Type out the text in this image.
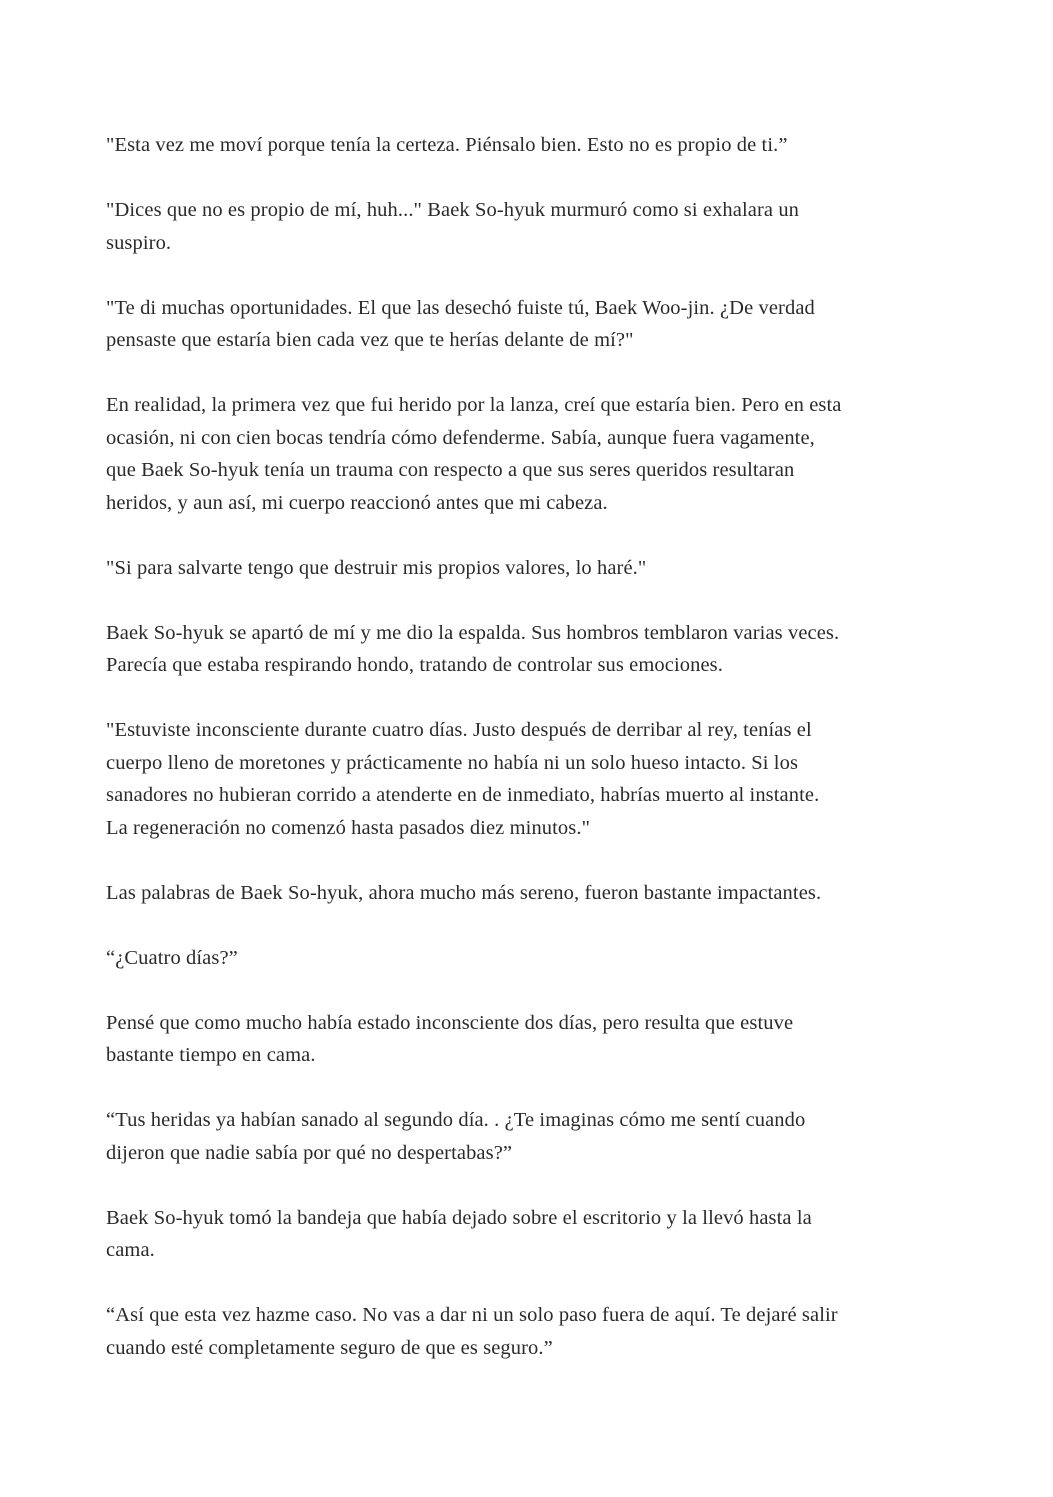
"Esta vez me moví porque tenía la certeza. Piénsalo bien. Esto no es propio de ti.”

"Dices que no es propio de mí, huh..." Baek So-hyuk murmuró como si exhalara un
suspiro.

"Te di muchas oportunidades. El que las desechó fuiste tú, Baek Woo-jin. ¿De verdad
pensaste que estaría bien cada vez que te herías delante de mí?"

En realidad, la primera vez que fui herido por la lanza, creí que estaría bien. Pero en esta
ocasión, ni con cien bocas tendría cómo defenderme. Sabía, aunque fuera vagamente,
que Baek So-hyuk tenía un trauma con respecto a que sus seres queridos resultaran
heridos, y aun así, mi cuerpo reaccionó antes que mi cabeza.

"Si para salvarte tengo que destruir mis propios valores, lo haré."

Baek So-hyuk se apartó de mí y me dio la espalda. Sus hombros temblaron varias veces.
Parecía que estaba respirando hondo, tratando de controlar sus emociones.

"Estuviste inconsciente durante cuatro días. Justo después de derribar al rey, tenías el
cuerpo lleno de moretones y prácticamente no había ni un solo hueso intacto. Si los
sanadores no hubieran corrido a atenderte en de inmediato, habrías muerto al instante.
La regeneración no comenzó hasta pasados diez minutos."

Las palabras de Baek So-hyuk, ahora mucho más sereno, fueron bastante impactantes.

“¿Cuatro días?”

Pensé que como mucho había estado inconsciente dos días, pero resulta que estuve
bastante tiempo en cama.

“Tus heridas ya habían sanado al segundo día. . ¿Te imaginas cómo me sentí cuando
dijeron que nadie sabía por qué no despertabas?”

Baek So-hyuk tomó la bandeja que había dejado sobre el escritorio y la llevó hasta la
cama.

“Así que esta vez hazme caso. No vas a dar ni un solo paso fuera de aquí. Te dejaré salir
cuando esté completamente seguro de que es seguro.”
